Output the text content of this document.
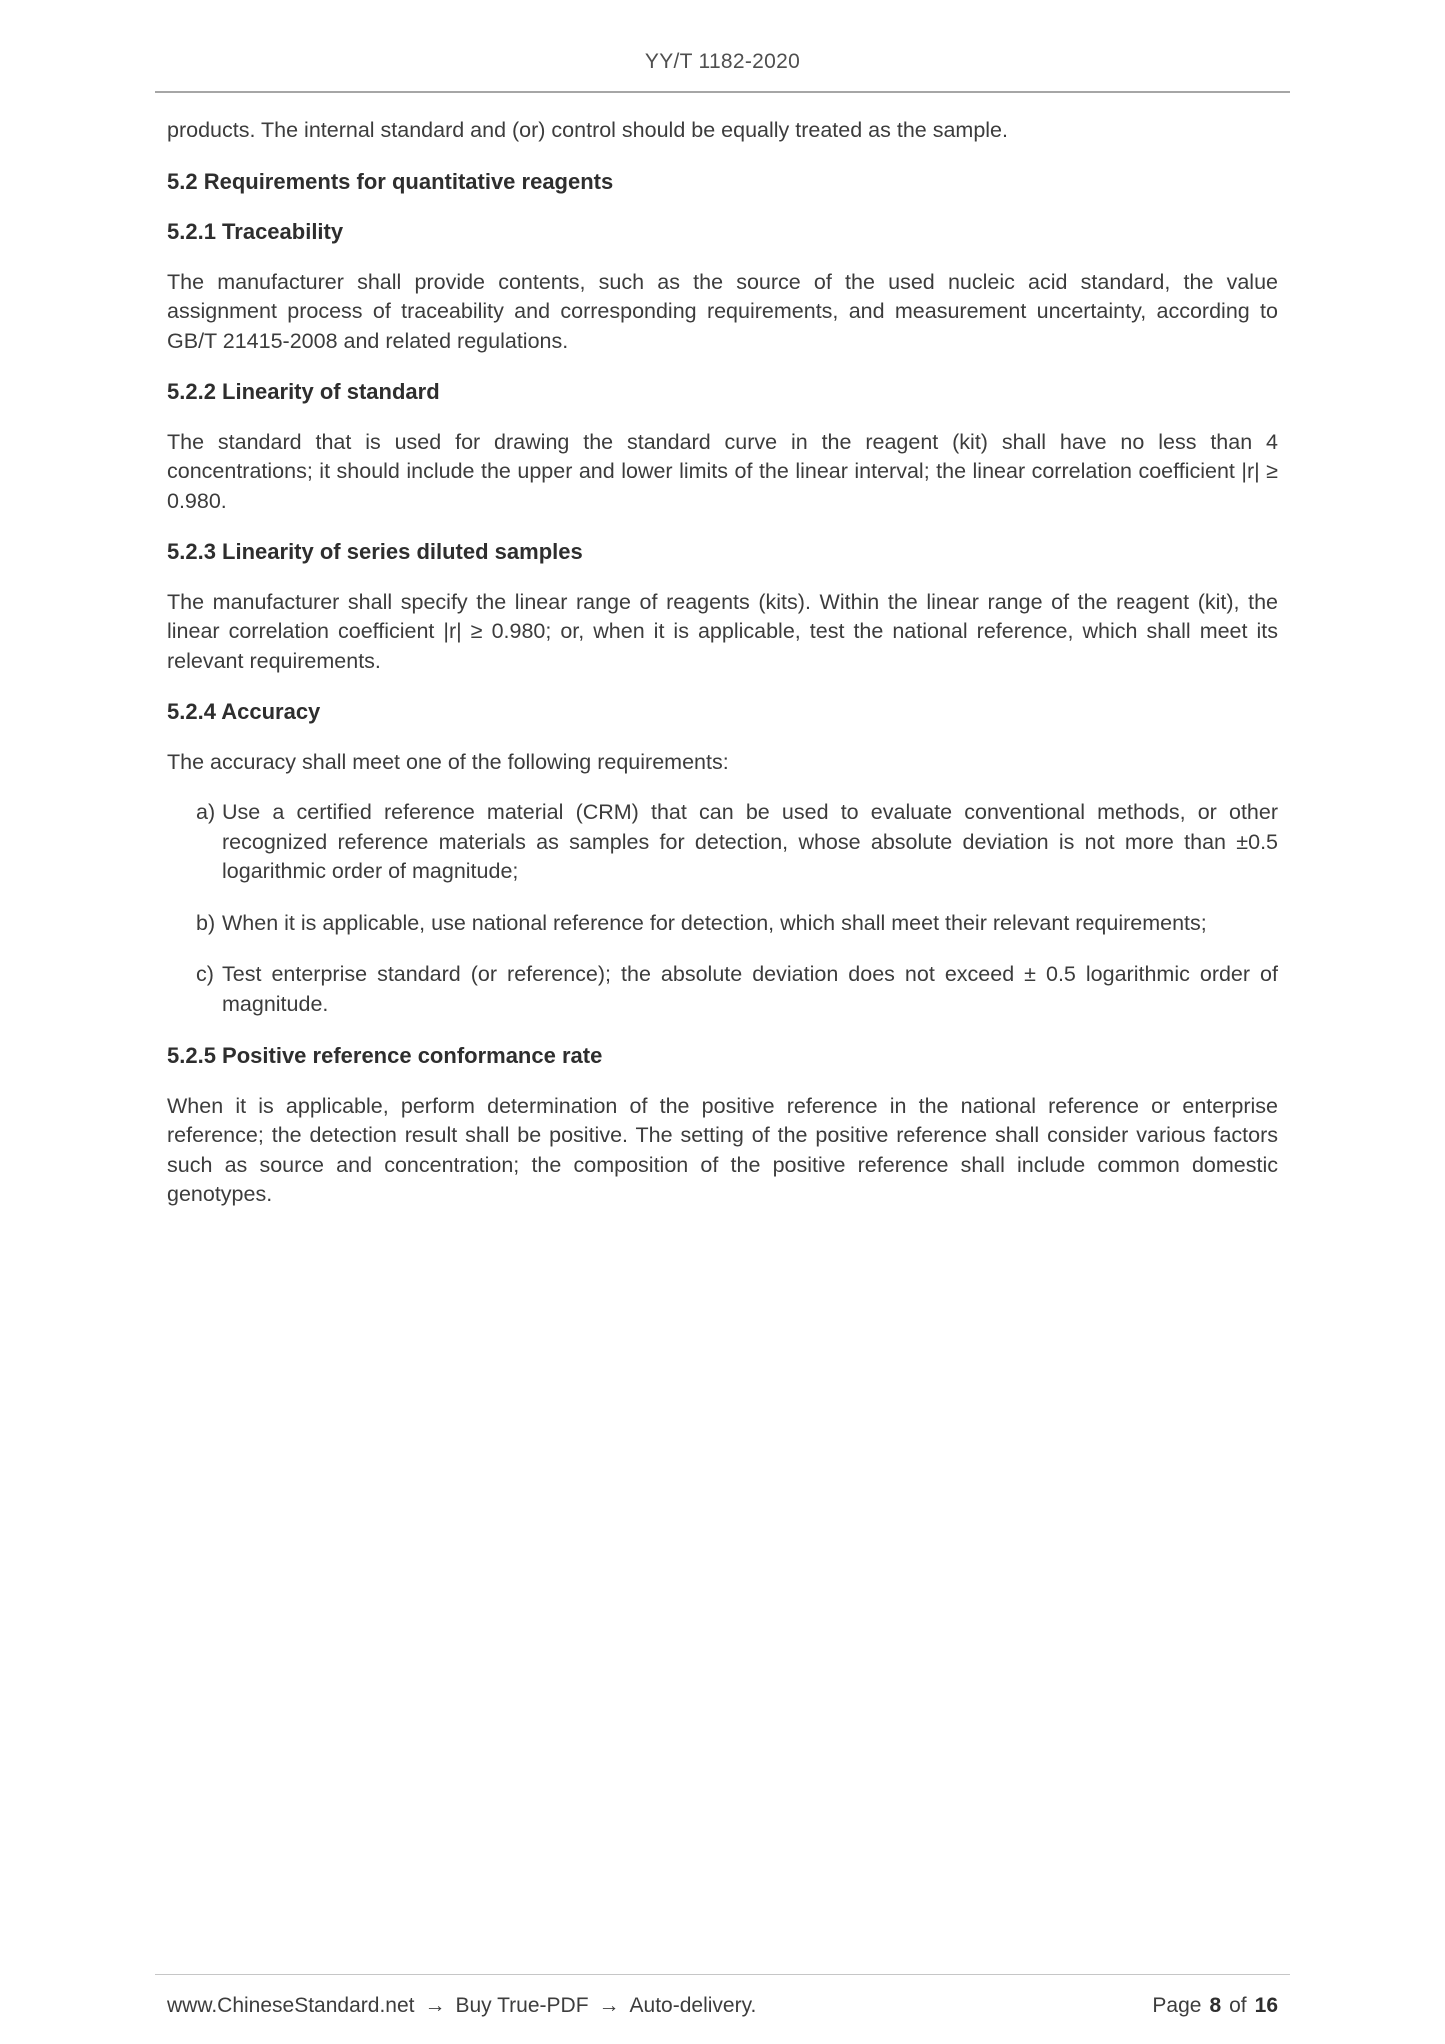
YY/T 1182-2020

products. The internal standard and (or) control should be equally treated as the sample.

5.2 Requirements for quantitative reagents

5.2.1 Traceability

The manufacturer shall provide contents, such as the source of the used nucleic acid standard, the value assignment process of traceability and corresponding requirements, and measurement uncertainty, according to GB/T 21415-2008 and related regulations.

5.2.2 Linearity of standard

The standard that is used for drawing the standard curve in the reagent (kit) shall have no less than 4 concentrations; it should include the upper and lower limits of the linear interval; the linear correlation coefficient |r| ≥ 0.980.

5.2.3 Linearity of series diluted samples

The manufacturer shall specify the linear range of reagents (kits). Within the linear range of the reagent (kit), the linear correlation coefficient |r| ≥ 0.980; or, when it is applicable, test the national reference, which shall meet its relevant requirements.

5.2.4 Accuracy

The accuracy shall meet one of the following requirements:

a) Use a certified reference material (CRM) that can be used to evaluate conventional methods, or other recognized reference materials as samples for detection, whose absolute deviation is not more than ±0.5 logarithmic order of magnitude;
b) When it is applicable, use national reference for detection, which shall meet their relevant requirements;
c) Test enterprise standard (or reference); the absolute deviation does not exceed ± 0.5 logarithmic order of magnitude.

5.2.5 Positive reference conformance rate

When it is applicable, perform determination of the positive reference in the national reference or enterprise reference; the detection result shall be positive. The setting of the positive reference shall consider various factors such as source and concentration; the composition of the positive reference shall include common domestic genotypes.

www.ChineseStandard.net → Buy True-PDF → Auto-delivery.	Page 8 of 16
